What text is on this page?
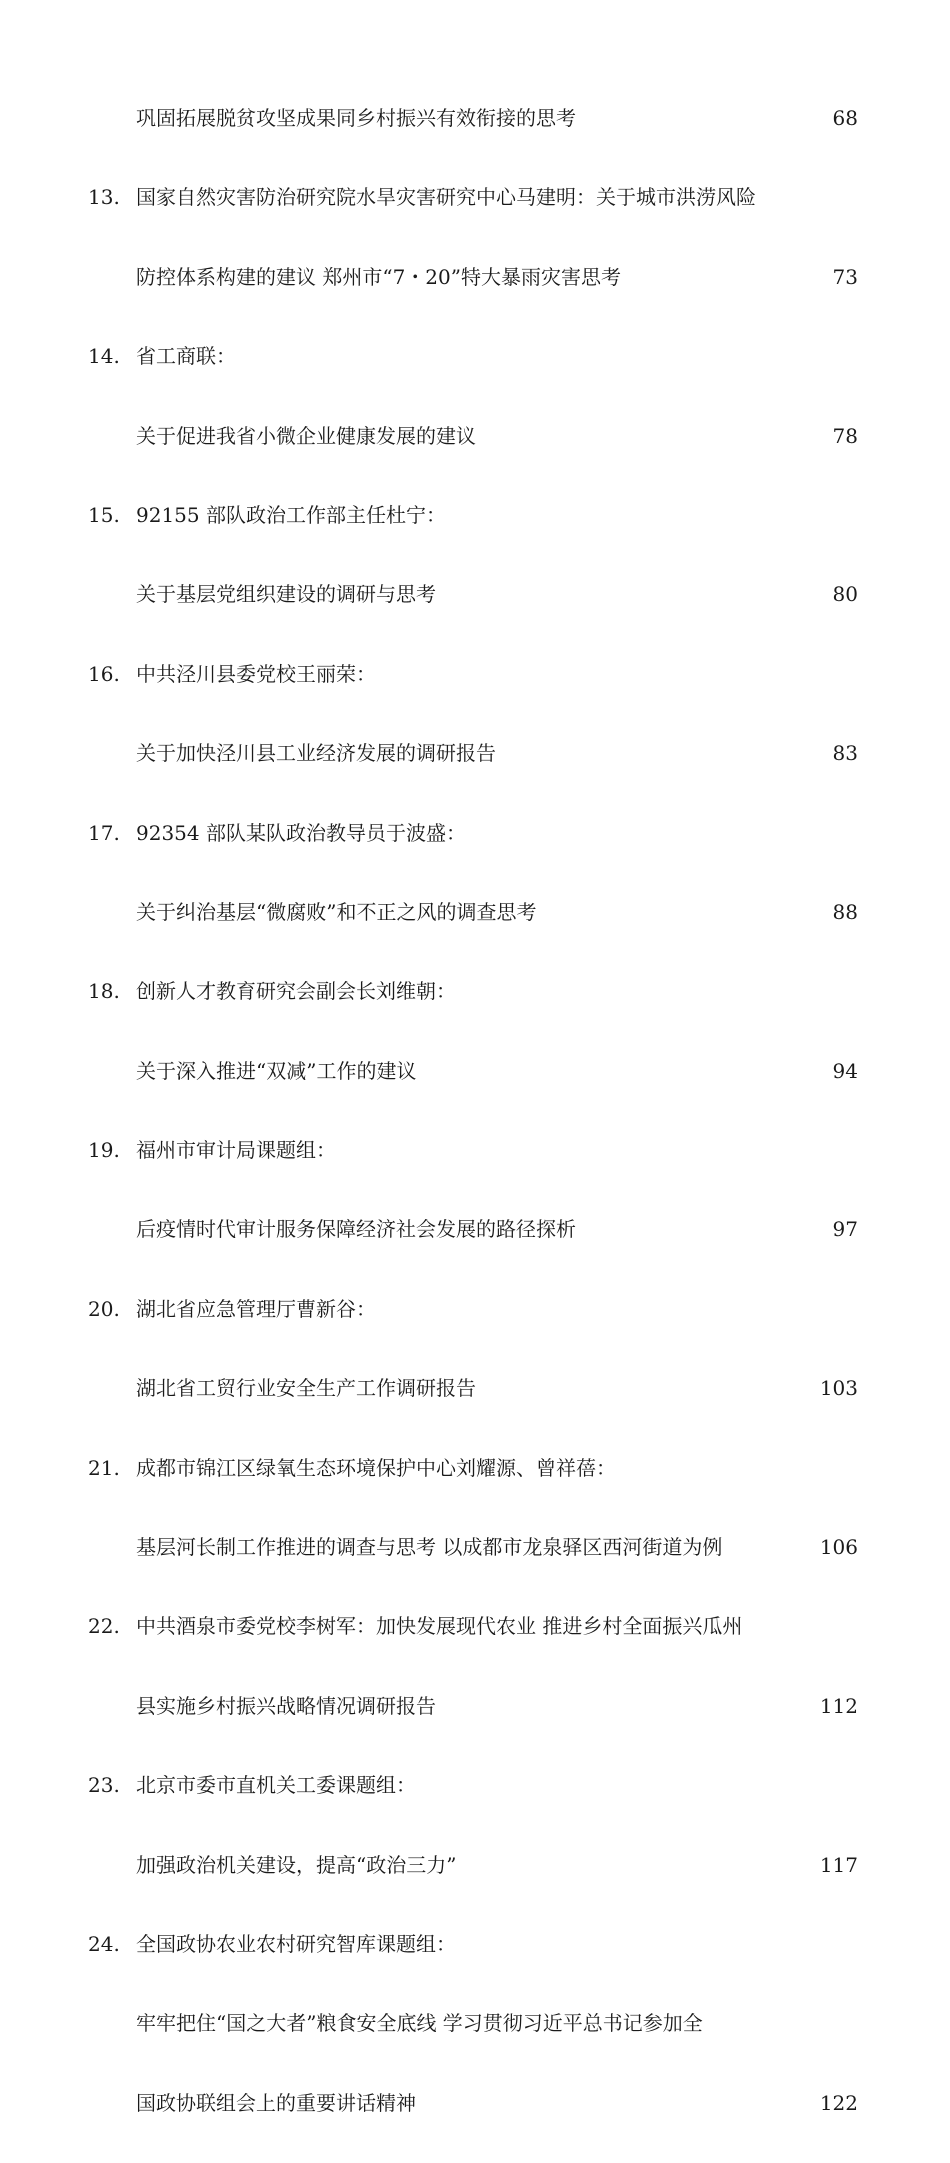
巩固拓展脱贫攻坚成果同乡村振兴有效衔接的思考	68
13. 国家自然灾害防治研究院水旱灾害研究中心马建明：关于城市洪涝风险
防控体系构建的建议 郑州市“7・20”特大暴雨灾害思考	73
14. 省工商联：
关于促进我省小微企业健康发展的建议	78
15. 92155 部队政治工作部主任杜宁：
关于基层党组织建设的调研与思考	80
16. 中共泾川县委党校王丽荣：
关于加快泾川县工业经济发展的调研报告	83
17. 92354 部队某队政治教导员于波盛：
关于纠治基层“微腐败”和不正之风的调查思考	88
18. 创新人才教育研究会副会长刘维朝：
关于深入推进“双减”工作的建议	94
19. 福州市审计局课题组：
后疫情时代审计服务保障经济社会发展的路径探析	97
20. 湖北省应急管理厅曹新谷：
湖北省工贸行业安全生产工作调研报告	103
21. 成都市锦江区绿氧生态环境保护中心刘耀源、曾祥蓓：
基层河长制工作推进的调查与思考 以成都市龙泉驿区西河街道为例	106
22. 中共酒泉市委党校李树军：加快发展现代农业 推进乡村全面振兴瓜州
县实施乡村振兴战略情况调研报告	112
23. 北京市委市直机关工委课题组：
加强政治机关建设，提高“政治三力”	117
24. 全国政协农业农村研究智库课题组：
牢牢把住“国之大者”粮食安全底线 学习贯彻习近平总书记参加全
国政协联组会上的重要讲话精神	122
